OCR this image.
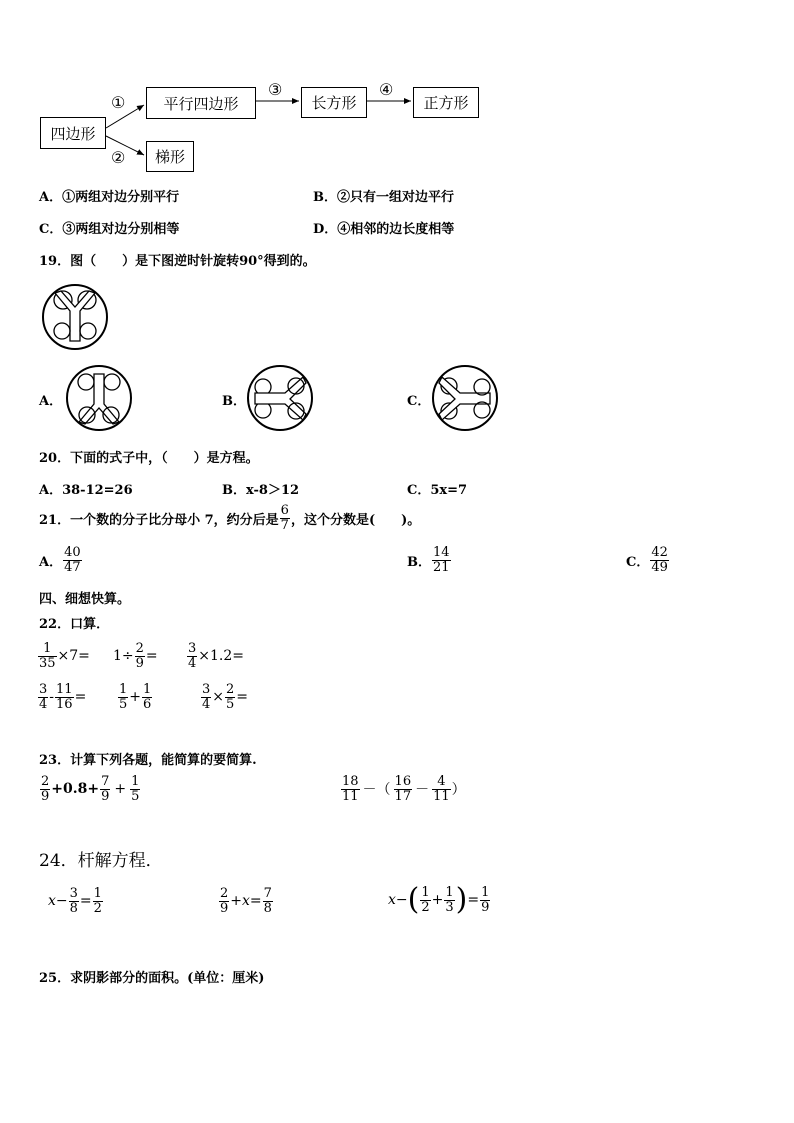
四边形
平行四边形
梯形
长方形	正方形
①
②
③	④
A．①两组对边分别平行	B．②只有一组对边平行
C．③两组对边分别相等	D．④相邻的边长度相等
19．图（　　）是下图逆时针旋转90°得到的。
A．	B．	C．
20．下面的式子中，（　　）是方程。
A．38-12=26	B．x-8＞12	C．5x=7
21．一个数的分子比分母小 7，约分后是 $\frac{6}{7}$ ，这个分数是(　　)。
A． $\frac{40}{47}$	B． $\frac{14}{21}$	C． $\frac{42}{49}$
四、细想快算。
22．口算．
$\frac{1}{35} \times 7= 1\div \frac{2}{9} = \frac{3}{4} \times 1.2=$
$\frac{3}{4} - \frac{11}{16} = \frac{1}{5} + \frac{1}{6}$	$\frac{3}{4} \times \frac{2}{5}$ =
23．计算下列各题，能简算的要简算.
$\frac{2}{9} +0.8+ \frac{7}{9} + \frac{1}{5}$	$\frac{18}{11}$ －（ $\frac{16}{17} - \frac{4}{11}$ ）
24．杆解方程．
$x - \frac{3}{8} = \frac{1}{2}$	$\frac{2}{9} + x = \frac{7}{8}$	x − ( $\frac{1}{2} + \frac{1}{3}$ ) = $\frac{1}{9}$
25．求阴影部分的面积。(单位：厘米)
